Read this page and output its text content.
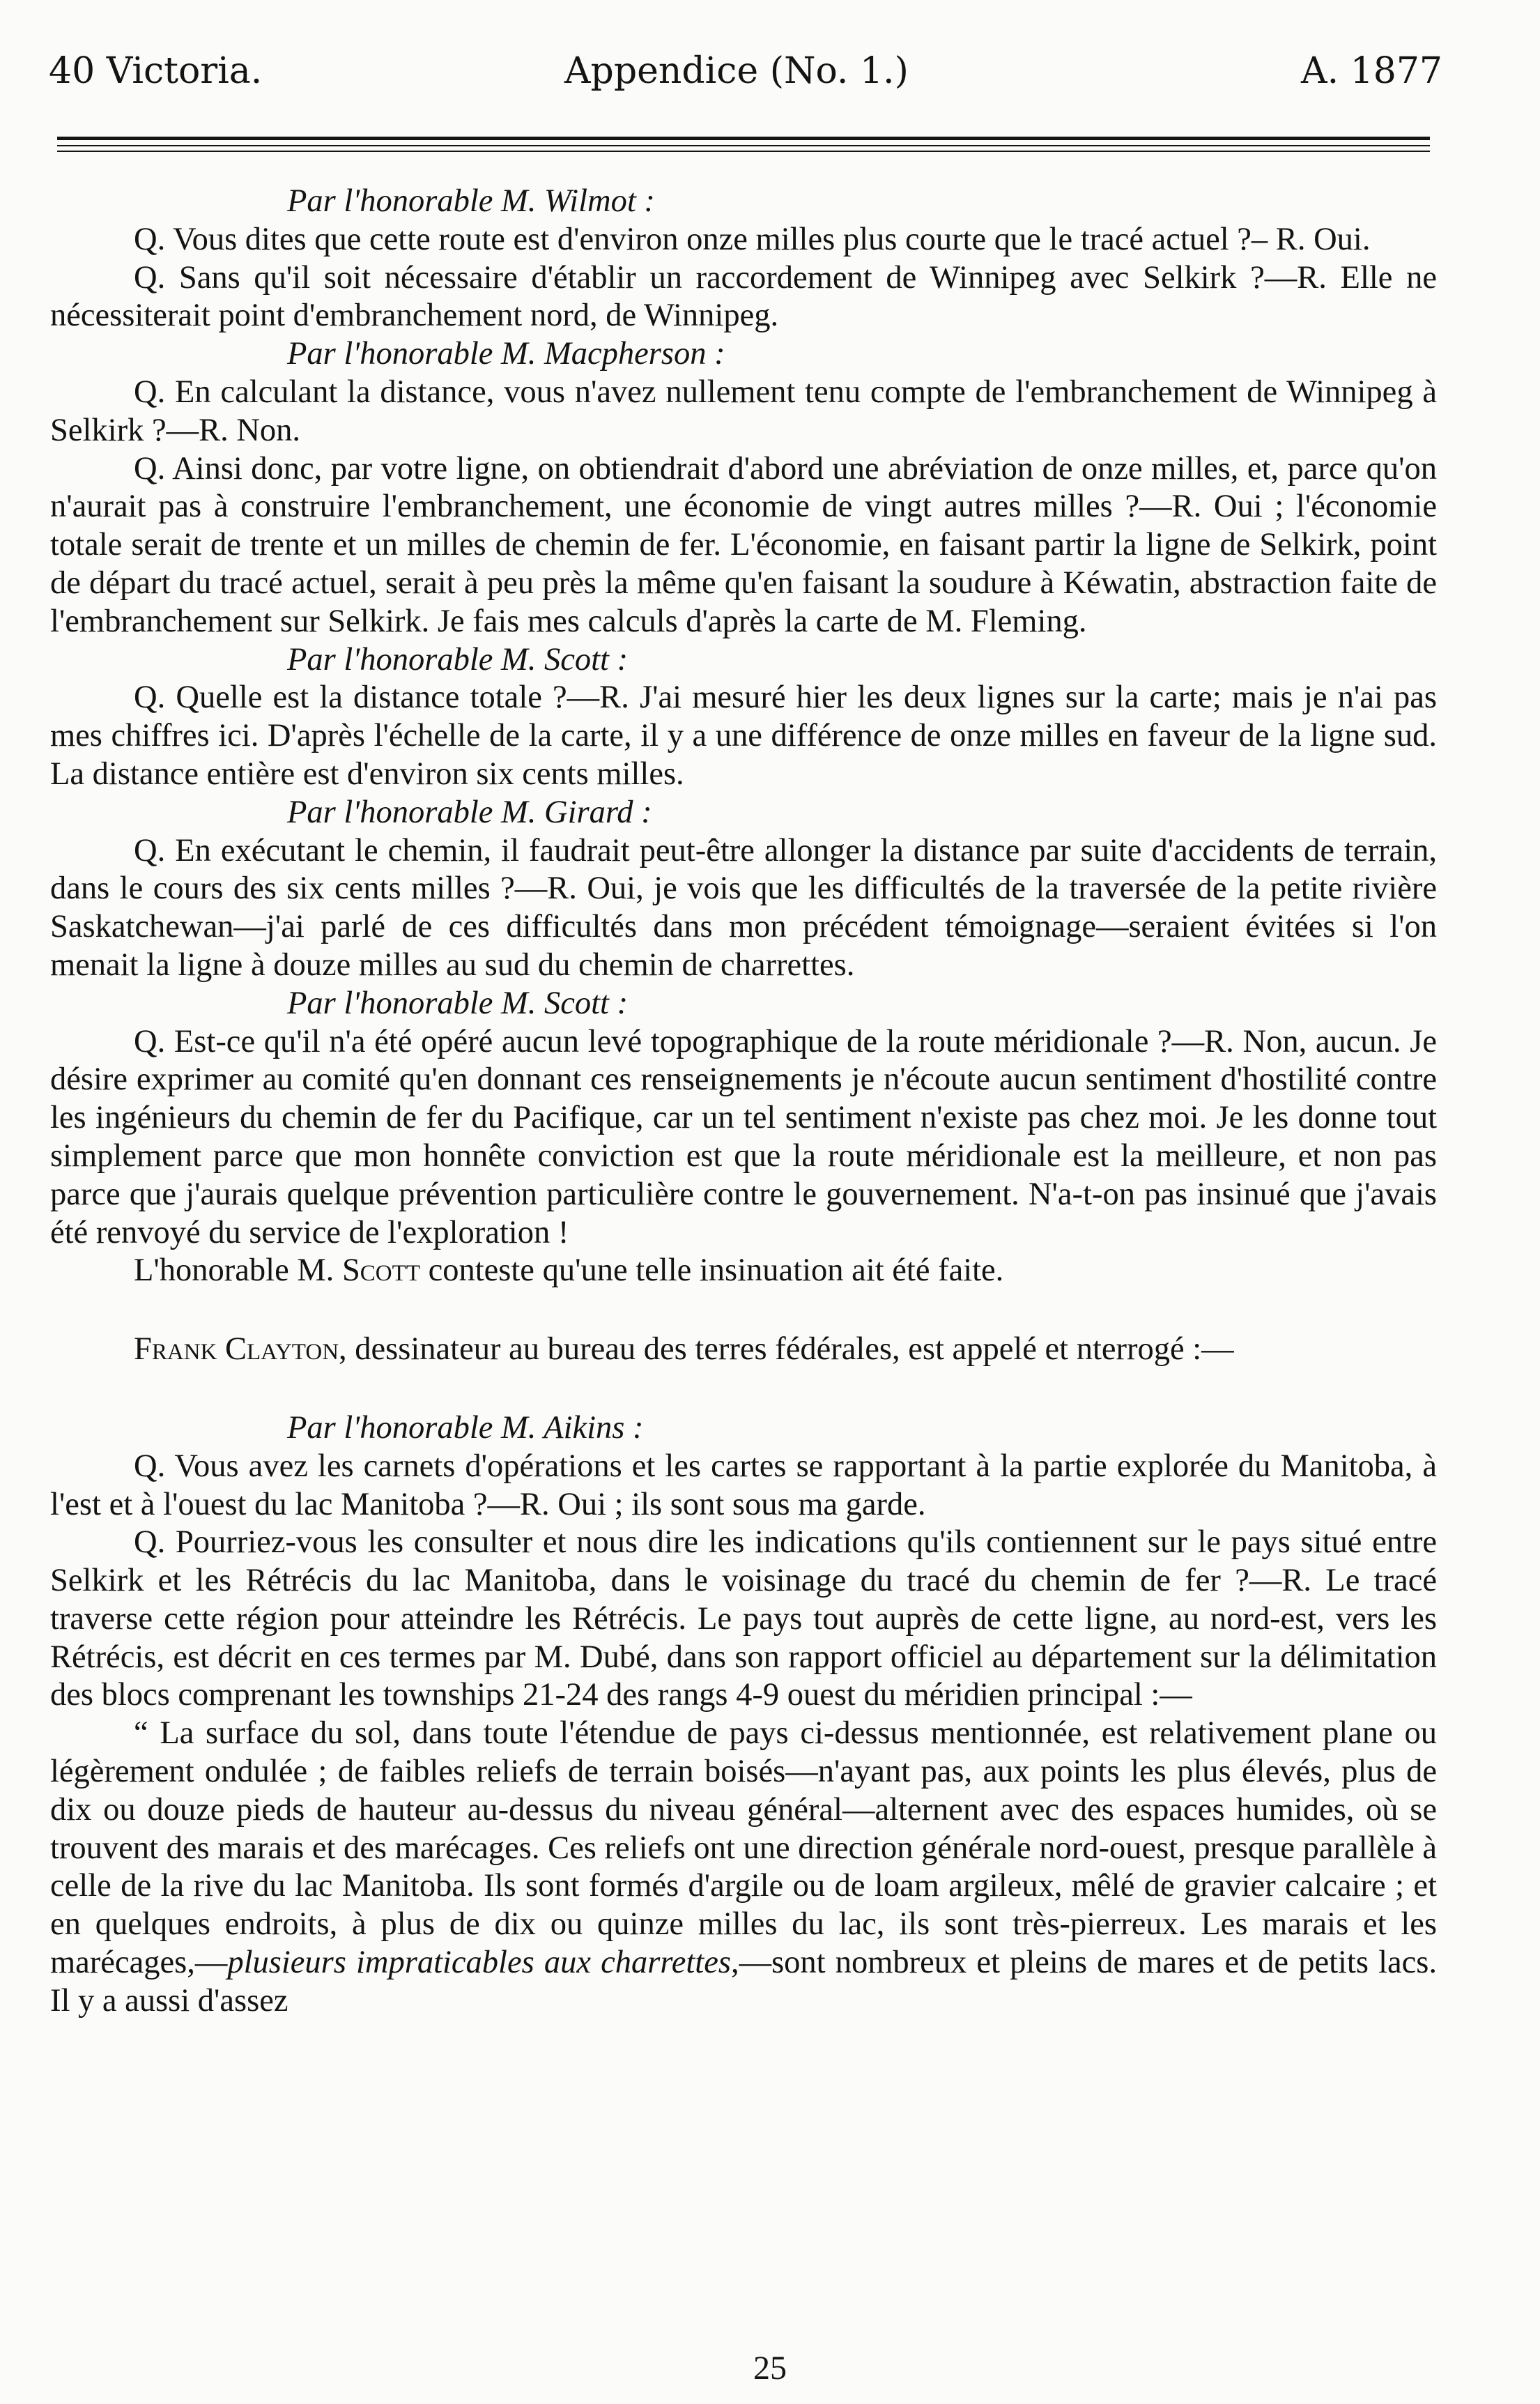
40 Victoria.	Appendice (No. 1.)	A. 1877

Par l'honorable M. Wilmot :

Q. Vous dites que cette route est d'environ onze milles plus courte que le tracé actuel ?– R. Oui.

Q. Sans qu'il soit nécessaire d'établir un raccordement de Winnipeg avec Selkirk ?—R. Elle ne nécessiterait point d'embranchement nord, de Winnipeg.

Par l'honorable M. Macpherson :

Q. En calculant la distance, vous n'avez nullement tenu compte de l'embranchement de Winnipeg à Selkirk ?—R. Non.

Q. Ainsi donc, par votre ligne, on obtiendrait d'abord une abréviation de onze milles, et, parce qu'on n'aurait pas à construire l'embranchement, une économie de vingt autres milles ?—R. Oui ; l'économie totale serait de trente et un milles de chemin de fer. L'économie, en faisant partir la ligne de Selkirk, point de départ du tracé actuel, serait à peu près la même qu'en faisant la soudure à Kéwatin, abstraction faite de l'embranchement sur Selkirk. Je fais mes calculs d'après la carte de M. Fleming.

Par l'honorable M. Scott :

Q. Quelle est la distance totale ?—R. J'ai mesuré hier les deux lignes sur la carte; mais je n'ai pas mes chiffres ici. D'après l'échelle de la carte, il y a une différence de onze milles en faveur de la ligne sud. La distance entière est d'environ six cents milles.

Par l'honorable M. Girard :

Q. En exécutant le chemin, il faudrait peut-être allonger la distance par suite d'accidents de terrain, dans le cours des six cents milles ?—R. Oui, je vois que les difficultés de la traversée de la petite rivière Saskatchewan—j'ai parlé de ces difficultés dans mon précédent témoignage—seraient évitées si l'on menait la ligne à douze milles au sud du chemin de charrettes.

Par l'honorable M. Scott :

Q. Est-ce qu'il n'a été opéré aucun levé topographique de la route méridionale ?—R. Non, aucun. Je désire exprimer au comité qu'en donnant ces renseignements je n'écoute aucun sentiment d'hostilité contre les ingénieurs du chemin de fer du Pacifique, car un tel sentiment n'existe pas chez moi. Je les donne tout simplement parce que mon honnête conviction est que la route méridionale est la meilleure, et non pas parce que j'aurais quelque prévention particulière contre le gouvernement. N'a-t-on pas insinué que j'avais été renvoyé du service de l'exploration !

L'honorable M. Scott conteste qu'une telle insinuation ait été faite.

Frank Clayton, dessinateur au bureau des terres fédérales, est appelé et nterrogé :—

Par l'honorable M. Aikins :

Q. Vous avez les carnets d'opérations et les cartes se rapportant à la partie explorée du Manitoba, à l'est et à l'ouest du lac Manitoba ?—R. Oui ; ils sont sous ma garde.

Q. Pourriez-vous les consulter et nous dire les indications qu'ils contiennent sur le pays situé entre Selkirk et les Rétrécis du lac Manitoba, dans le voisinage du tracé du chemin de fer ?—R. Le tracé traverse cette région pour atteindre les Rétrécis. Le pays tout auprès de cette ligne, au nord-est, vers les Rétrécis, est décrit en ces termes par M. Dubé, dans son rapport officiel au département sur la délimitation des blocs comprenant les townships 21-24 des rangs 4-9 ouest du méridien principal :—

“ La surface du sol, dans toute l'étendue de pays ci-dessus mentionnée, est relativement plane ou légèrement ondulée ; de faibles reliefs de terrain boisés—n'ayant pas, aux points les plus élevés, plus de dix ou douze pieds de hauteur au-dessus du niveau général—alternent avec des espaces humides, où se trouvent des marais et des marécages. Ces reliefs ont une direction générale nord-ouest, presque parallèle à celle de la rive du lac Manitoba. Ils sont formés d'argile ou de loam argileux, mêlé de gravier calcaire ; et en quelques endroits, à plus de dix ou quinze milles du lac, ils sont très-pierreux. Les marais et les marécages,—plusieurs impraticables aux charrettes,—sont nombreux et pleins de mares et de petits lacs. Il y a aussi d'assez

25
